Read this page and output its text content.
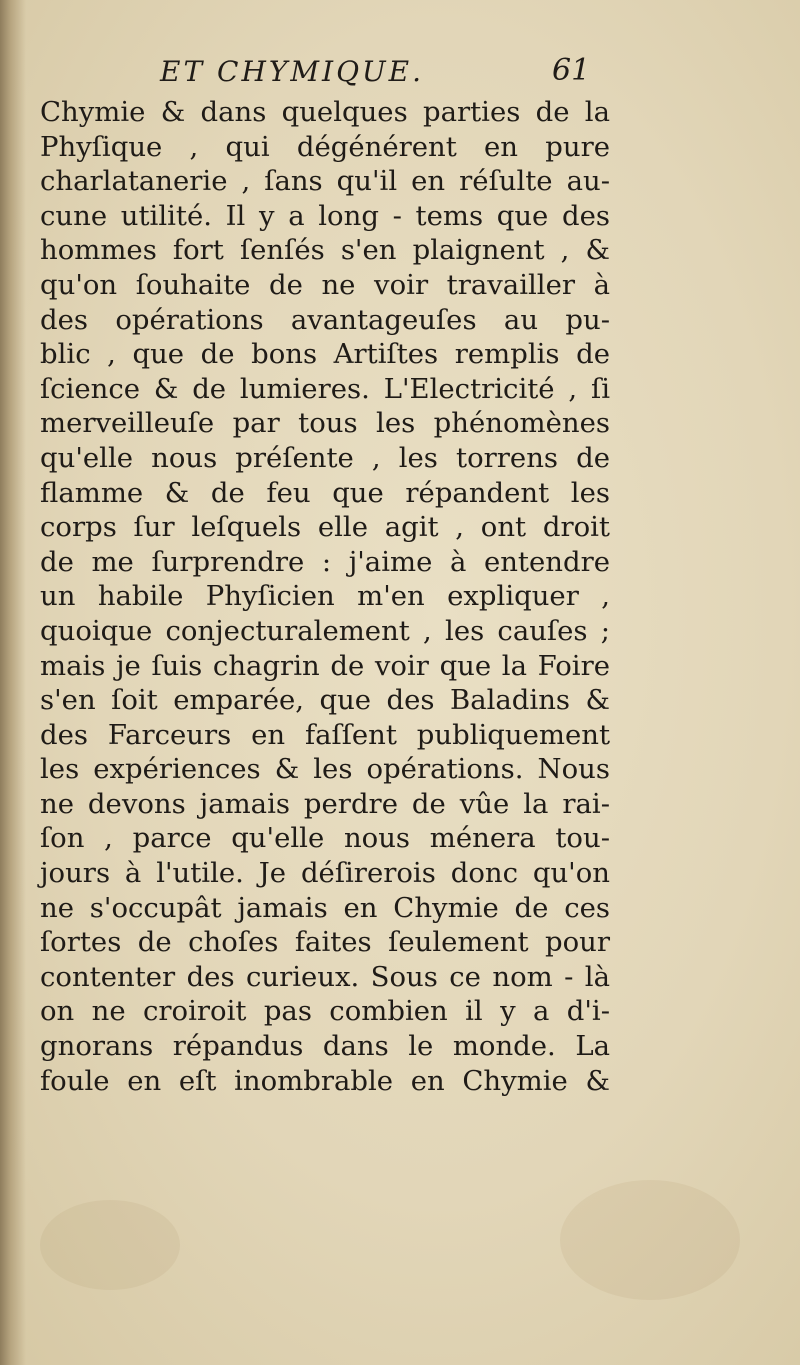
ET CHYMIQUE.	61
Chymie & dans quelques parties de la
Phyſique , qui dégénérent en pure
charlatanerie , ſans qu'il en réſulte au-
cune utilité. Il y a long - tems que des
hommes fort ſenſés s'en plaignent , &
qu'on ſouhaite de ne voir travailler à
des opérations avantageuſes au pu-
blic , que de bons Artiſtes remplis de
ſcience & de lumieres. L'Electricité , ſi
merveilleuſe par tous les phénomènes
qu'elle nous préſente , les torrens de
flamme & de feu que répandent les
corps ſur leſquels elle agit , ont droit
de me ſurprendre : j'aime à entendre
un habile Phyſicien m'en expliquer ,
quoique conjecturalement , les cauſes ;
mais je ſuis chagrin de voir que la Foire
s'en ſoit emparée, que des Baladins &
des Farceurs en faſſent publiquement
les expériences & les opérations. Nous
ne devons jamais perdre de vûe la rai-
ſon , parce qu'elle nous ménera tou-
jours à l'utile. Je déſirerois donc qu'on
ne s'occupât jamais en Chymie de ces
ſortes de choſes faites ſeulement pour
contenter des curieux. Sous ce nom - là
on ne croiroit pas combien il y a d'i-
gnorans répandus dans le monde. La
foule en eſt inombrable en Chymie &
